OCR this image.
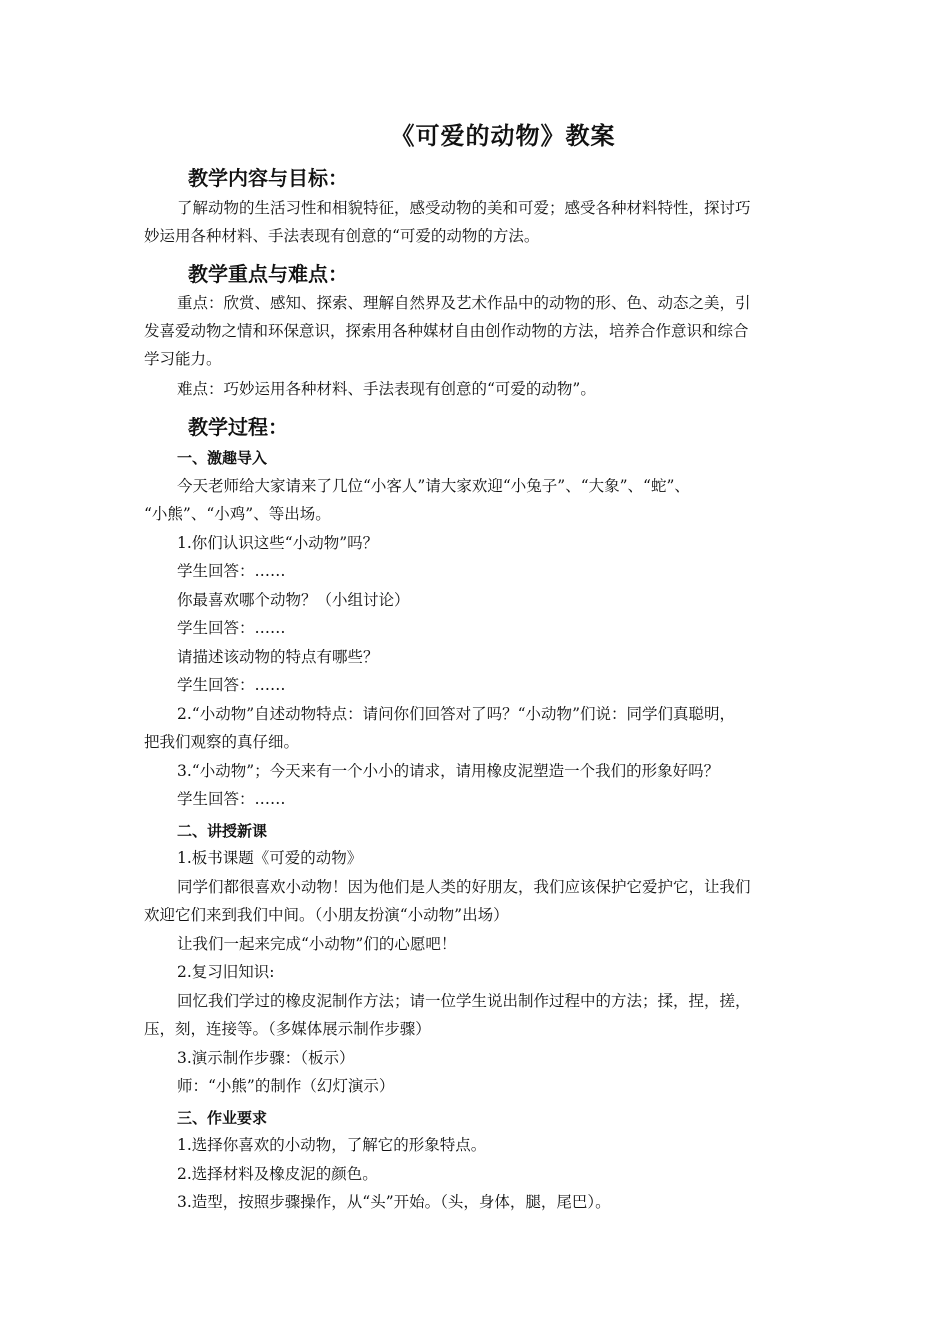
《可爱的动物》教案
教学内容与目标：
了解动物的生活习性和相貌特征，感受动物的美和可爱；感受各种材料特性，探讨巧
妙运用各种材料、手法表现有创意的“可爱的动物的方法。
教学重点与难点：
重点：欣赏、感知、探索、理解自然界及艺术作品中的动物的形、色、动态之美，引
发喜爱动物之情和环保意识，探索用各种媒材自由创作动物的方法，培养合作意识和综合
学习能力。
难点：巧妙运用各种材料、手法表现有创意的“可爱的动物”。
教学过程：
一、激趣导入
今天老师给大家请来了几位“小客人”请大家欢迎“小兔子”、“大象”、“蛇”、
“小熊”、“小鸡”、等出场。
1.你们认识这些“小动物”吗？
学生回答：……
你最喜欢哪个动物？（小组讨论）
学生回答：……
请描述该动物的特点有哪些？
学生回答：……
2.“小动物”自述动物特点：请问你们回答对了吗？“小动物”们说：同学们真聪明，
把我们观察的真仔细。
3.“小动物”；今天来有一个小小的请求，请用橡皮泥塑造一个我们的形象好吗？
学生回答：……
二、讲授新课
1.板书课题《可爱的动物》
同学们都很喜欢小动物！因为他们是人类的好朋友，我们应该保护它爱护它，让我们
欢迎它们来到我们中间。（小朋友扮演“小动物”出场）
让我们一起来完成“小动物”们的心愿吧！
2.复习旧知识:
回忆我们学过的橡皮泥制作方法；请一位学生说出制作过程中的方法；揉，捏，搓，
压，刻，连接等。（多媒体展示制作步骤）
3.演示制作步骤：（板示）
师：“小熊”的制作（幻灯演示）
三、作业要求
1.选择你喜欢的小动物，了解它的形象特点。
2.选择材料及橡皮泥的颜色。
3.造型，按照步骤操作，从“头”开始。（头，身体，腿，尾巴）。
